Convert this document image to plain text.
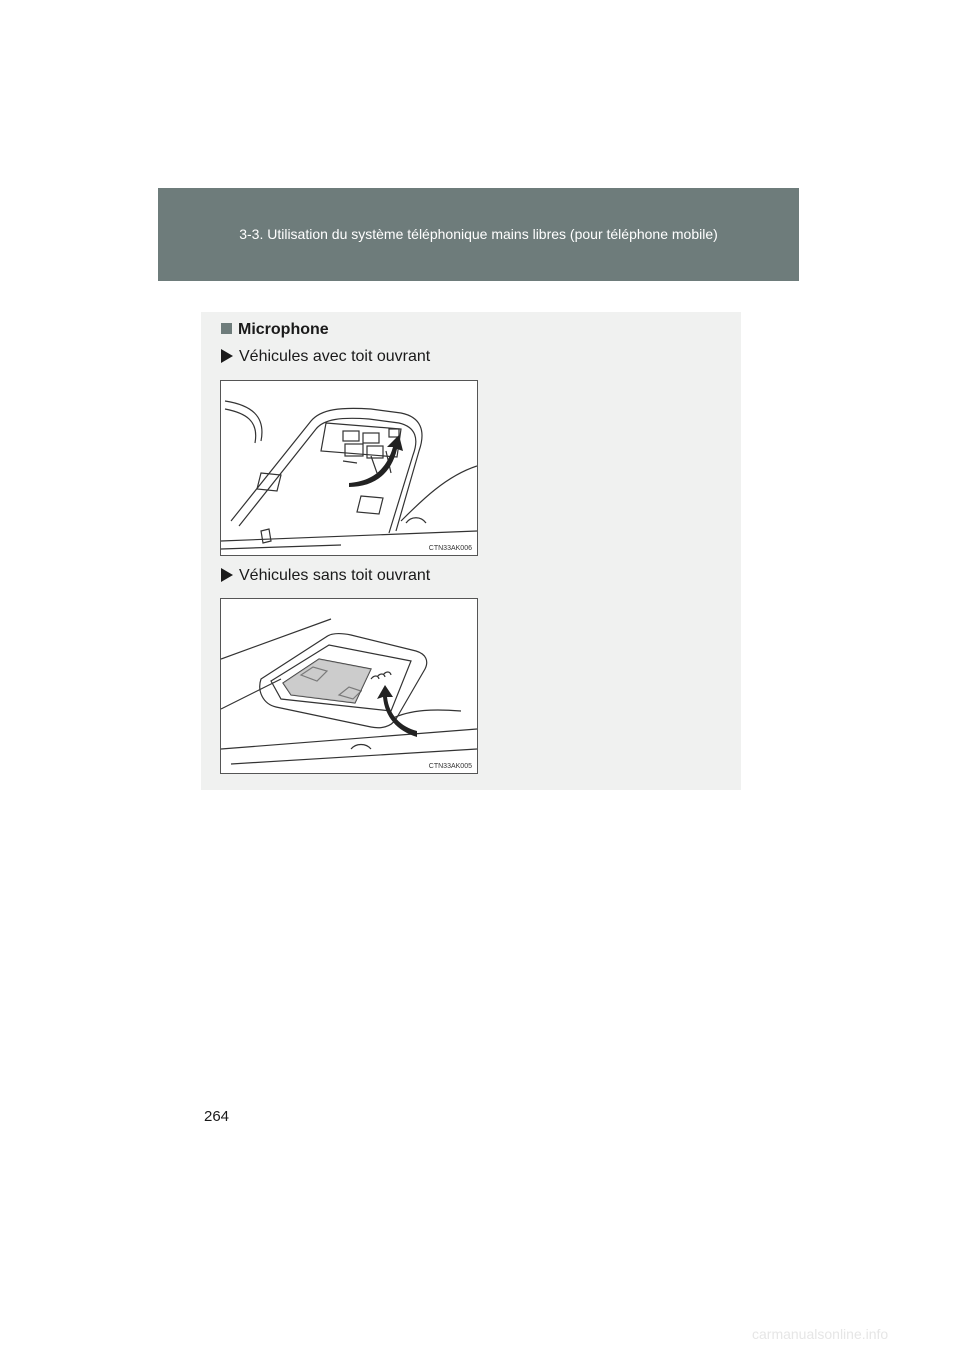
3-3. Utilisation du système téléphonique mains libres (pour téléphone mobile)
Microphone
Véhicules avec toit ouvrant
CTN33AK006
Véhicules sans toit ouvrant
CTN33AK005
264
carmanualsonline.info
